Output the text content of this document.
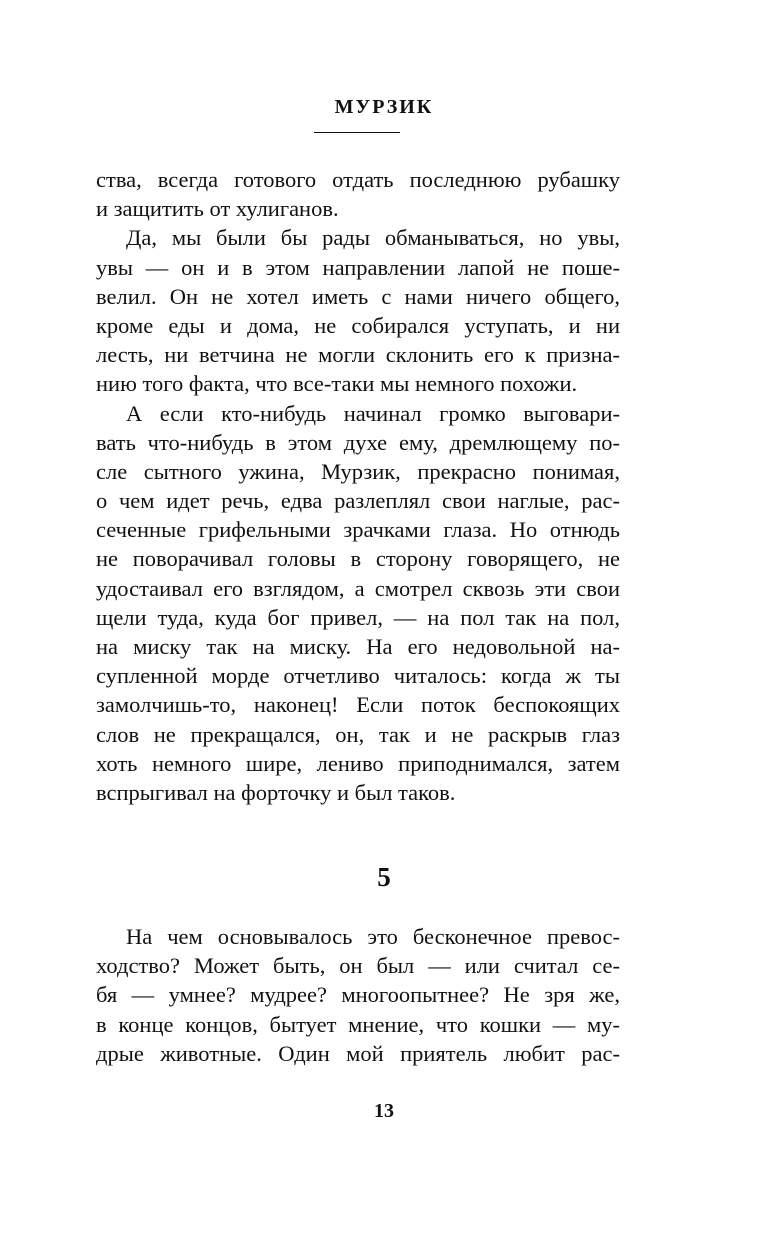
МУРЗИК
ства, всегда готового отдать последнюю рубашку
и защитить от хулиганов.
Да, мы были бы рады обманываться, но увы,
увы — он и в этом направлении лапой не поше-
велил. Он не хотел иметь с нами ничего общего,
кроме еды и дома, не собирался уступать, и ни
лесть, ни ветчина не могли склонить его к призна-
нию того факта, что все-таки мы немного похожи.
А если кто-нибудь начинал громко выговари-
вать что-нибудь в этом духе ему, дремлющему по-
сле сытного ужина, Мурзик, прекрасно понимая,
о чем идет речь, едва разлеплял свои наглые, рас-
сеченные грифельными зрачками глаза. Но отнюдь
не поворачивал головы в сторону говорящего, не
удостаивал его взглядом, а смотрел сквозь эти свои
щели туда, куда бог привел, — на пол так на пол,
на миску так на миску. На его недовольной на-
супленной морде отчетливо читалось: когда ж ты
замолчишь-то, наконец! Если поток беспокоящих
слов не прекращался, он, так и не раскрыв глаз
хоть немного шире, лениво приподнимался, затем
вспрыгивал на форточку и был таков.
5
На чем основывалось это бесконечное превос-
ходство? Может быть, он был — или считал се-
бя — умнее? мудрее? многоопытнее? Не зря же,
в конце концов, бытует мнение, что кошки — му-
дрые животные. Один мой приятель любит рас-
13
